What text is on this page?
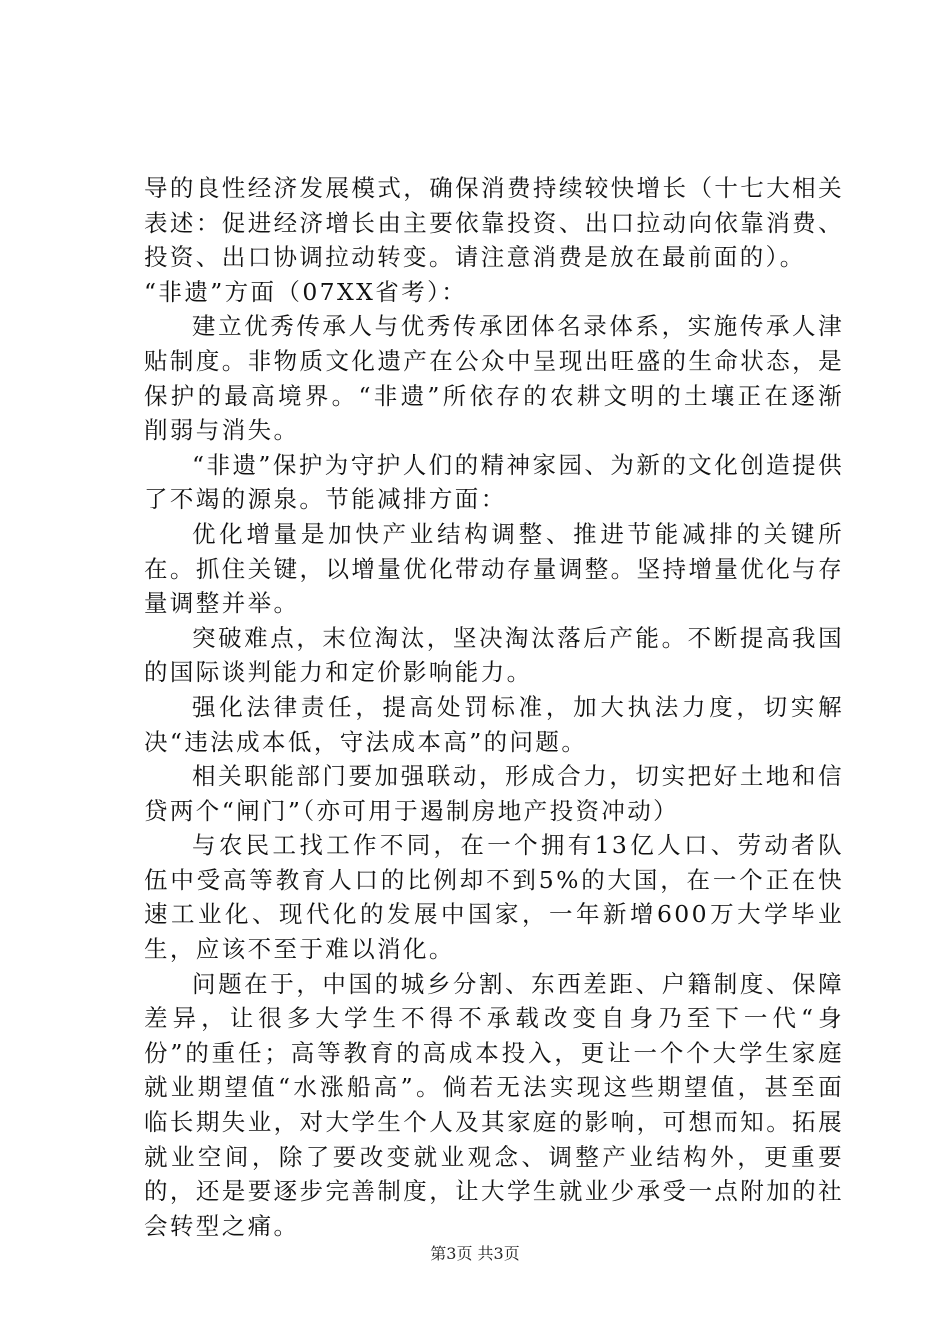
导的良性经济发展模式，确保消费持续较快增长（十七大相关表述：促进经济增长由主要依靠投资、出口拉动向依靠消费、投资、出口协调拉动转变。请注意消费是放在最前面的）。

“非遗”方面（07XX省考）：

建立优秀传承人与优秀传承团体名录体系，实施传承人津贴制度。非物质文化遗产在公众中呈现出旺盛的生命状态，是保护的最高境界。“非遗”所依存的农耕文明的土壤正在逐渐削弱与消失。

“非遗”保护为守护人们的精神家园、为新的文化创造提供了不竭的源泉。节能减排方面：

优化增量是加快产业结构调整、推进节能减排的关键所在。抓住关键，以增量优化带动存量调整。坚持增量优化与存量调整并举。

突破难点，末位淘汰，坚决淘汰落后产能。不断提高我国的国际谈判能力和定价影响能力。

强化法律责任，提高处罚标准，加大执法力度，切实解决“违法成本低，守法成本高”的问题。

相关职能部门要加强联动，形成合力，切实把好土地和信贷两个“闸门”（亦可用于遏制房地产投资冲动）

与农民工找工作不同，在一个拥有13亿人口、劳动者队伍中受高等教育人口的比例却不到5%的大国，在一个正在快速工业化、现代化的发展中国家，一年新增600万大学毕业生，应该不至于难以消化。

问题在于，中国的城乡分割、东西差距、户籍制度、保障差异，让很多大学生不得不承载改变自身乃至下一代“身份”的重任；高等教育的高成本投入，更让一个个大学生家庭就业期望值“水涨船高”。倘若无法实现这些期望值，甚至面临长期失业，对大学生个人及其家庭的影响，可想而知。拓展就业空间，除了要改变就业观念、调整产业结构外，更重要的，还是要逐步完善制度，让大学生就业少承受一点附加的社会转型之痛。

第3页 共3页
